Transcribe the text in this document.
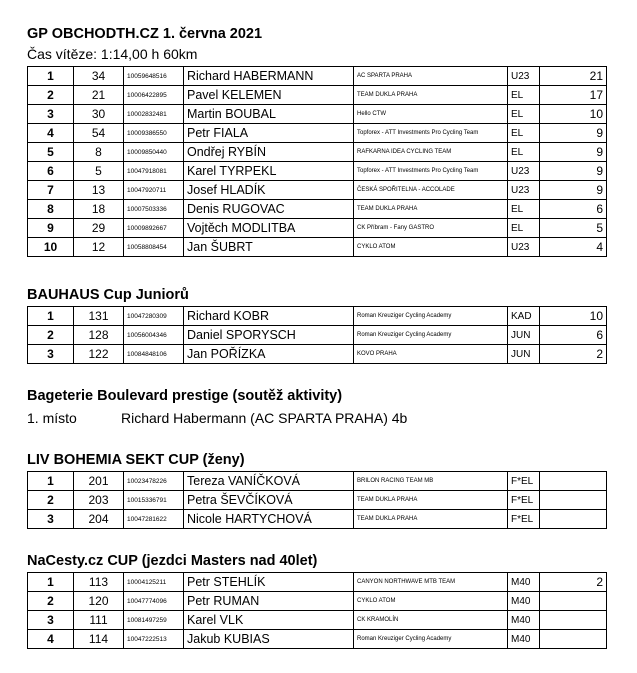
GP OBCHODTH.CZ 1. června 2021
Čas vítěze: 1:14,00 h 60km
1	34	10059648516	Richard HABERMANN	AC SPARTA PRAHA	U23	21
2	21	10006422895	Pavel KELEMEN	TEAM DUKLA PRAHA	EL	17
3	30	10002832481	Martin BOUBAL	Hello CTW	EL	10
4	54	10009386550	Petr FIALA	Topforex - ATT Investments Pro Cycling Team	EL	9
5	8	10009850440	Ondřej RYBÍN	RAFKARNA IDEA CYCLING TEAM	EL	9
6	5	10047918081	Karel TYRPEKL	Topforex - ATT Investments Pro Cycling Team	U23	9
7	13	10047920711	Josef HLADÍK	ČESKÁ SPOŘITELNA - ACCOLADE	U23	9
8	18	10007503336	Denis RUGOVAC	TEAM DUKLA PRAHA	EL	6
9	29	10009892667	Vojtěch MODLITBA	CK Příbram - Fany GASTRO	EL	5
10	12	10058808454	Jan ŠUBRT	CYKLO ATOM	U23	4
BAUHAUS Cup Juniorů
1	131	10047280309	Richard KOBR	Roman Kreuziger Cycling Academy	KAD	10
2	128	10056004346	Daniel SPORYSCH	Roman Kreuziger Cycling Academy	JUN	6
3	122	10084848106	Jan POŘÍZKA	KOVO PRAHA	JUN	2
Bageterie Boulevard prestige (soutěž aktivity)
1. místo	Richard Habermann (AC SPARTA PRAHA) 4b
LIV BOHEMIA SEKT CUP (ženy)
1	201	10023478226	Tereza VANÍČKOVÁ	BRILON RACING TEAM MB	F*EL	
2	203	10015336791	Petra ŠEVČÍKOVÁ	TEAM DUKLA PRAHA	F*EL	
3	204	10047281622	Nicole HARTYCHOVÁ	TEAM DUKLA PRAHA	F*EL	
NaCesty.cz CUP (jezdci Masters nad 40let)
1	113	10004125211	Petr STEHLÍK	CANYON NORTHWAVE MTB TEAM	M40	2
2	120	10047774096	Petr RUMAN	CYKLO ATOM	M40	
3	111	10081497259	Karel VLK	CK KRAMOLÍN	M40	
4	114	10047222513	Jakub KUBIAS	Roman Kreuziger Cycling Academy	M40	
